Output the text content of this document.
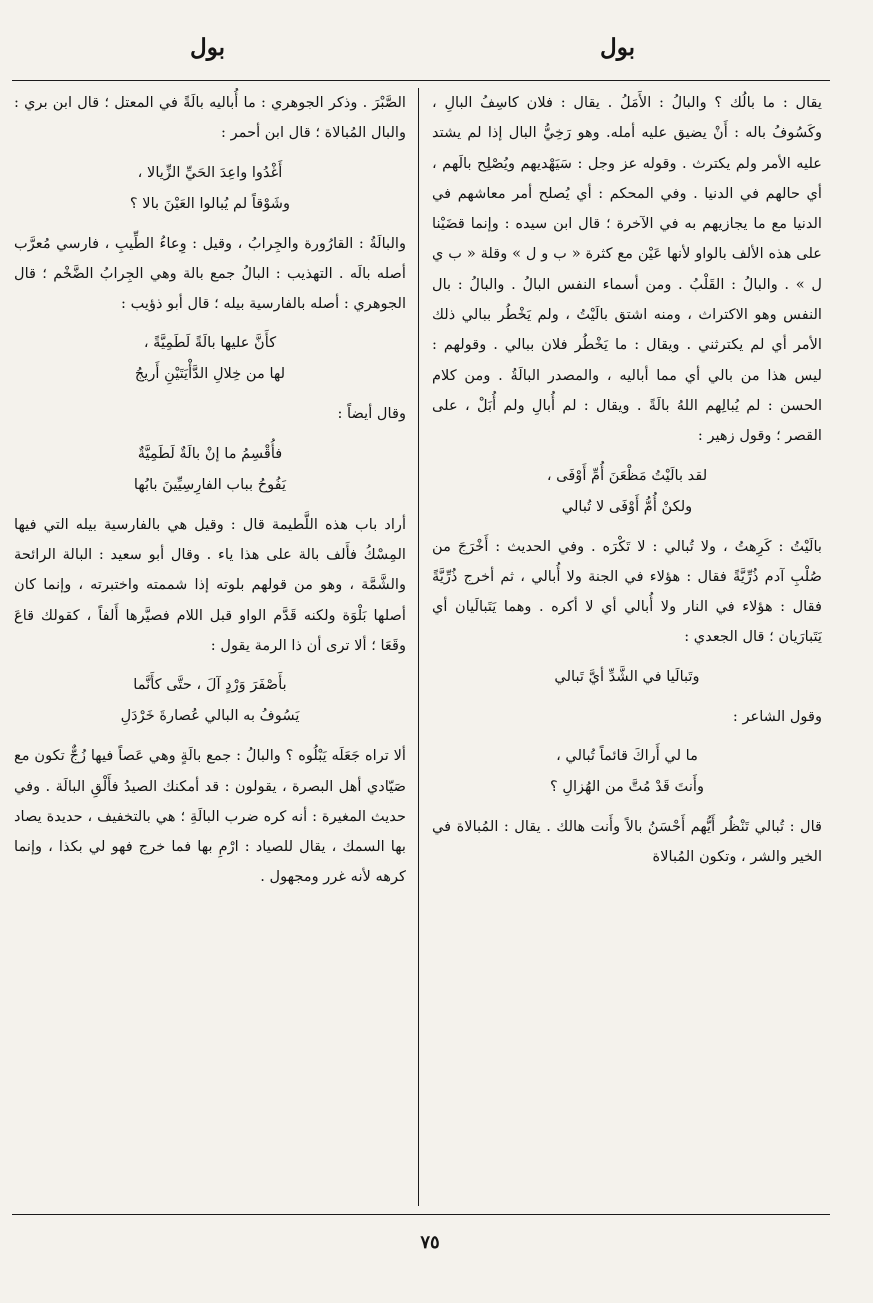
بول
بول

يقال : ما بالُك ؟ والبالُ : الأَمَلُ . يقال : فلان كاسِفُ البالِ ، وكَسُوفُ باله : أَنْ يضيق عليه أمله. وهو رَخِيُّ البال إذا لم يشتد عليه الأمر ولم يكترث . وقوله عز وجل : سَيَهْديهم ويُصْلِح بالَهم ، أي حالهم في الدنيا . وفي المحكم : أي يُصلح أمر معاشهم في الدنيا مع ما يجازيهم به في الآخرة ؛ قال ابن سيده : وإنما قضَيْنا على هذه الألف بالواو لأنها عَيْن مع كثرة « ب و ل » وقلة « ب ي ل » . والبالُ : القَلْبُ . ومن أسماء النفس البالُ . والبالُ : بال النفس وهو الاكتراث ، ومنه اشتق بالَيْتُ ، ولم يَخْطُر ببالي ذلك الأمر أي لم يكترثني . ويقال : ما يَخْطُر فلان ببالي . وقولهم : ليس هذا من بالي أي مما أباليه ، والمصدر البالَةُ . ومن كلام الحسن : لم يُبالِهم اللهُ بالَةً . ويقال : لم أُبالِ ولم أُبَلْ ، على القصر ؛ وقول زهير :

لقد بالَيْتُ مَظْعَنَ أُمِّ أَوْفَى ،
ولكنْ أُمُّ أَوْفَى لا تُبالي

بالَيْتُ : كَرِهتُ ، ولا تُبالي : لا تَكْرَه . وفي الحديث : أَخْرَجَ من صُلْبِ آدم ذُرِّيَّةً فقال : هؤلاء في الجنة ولا أُبالي ، ثم أخرج ذُرِّيَّةً فقال : هؤلاء في النار ولا أُبالي أي لا أكره . وهما يَتَبالَيان أي يَتَبارَيان ؛ قال الجعدي :

وتَبالَيا في الشَّدِّ أيَّ تَبالي

وقول الشاعر :

ما لي أَراكَ قائماً تُبالي ،
وأَنتَ قَدْ مُتَّ من الهُزالِ ؟

قال : تُبالي تَنْظُر أَيُّهم أَحْسَنُ بالاً وأَنت هالك . يقال : المُبالاة في الخير والشر ، وتكون المُبالاة

الصَّبْرَ . وذكر الجوهري : ما أُباليه بالَةً في المعتل ؛ قال ابن بري : والبال المُبالاة ؛ قال ابن أحمر :

أَغْدُوا واعِدَ الحَيِّ الزِّيالا ،
وشَوْقاً لم يُبالوا العَيْنَ بالا ؟

والبالَةُ : القارُورة والجِرابُ ، وقيل : وِعاءُ الطِّيبِ ، فارسي مُعرَّب أصله بالَه . التهذيب : البالُ جمع بالة وهي الجِرابُ الضَّخْم ؛ قال الجوهري : أصله بالفارسية بيله ؛ قال أبو ذؤيب :

كأَنَّ عليها بالَةً لَطَمِيَّةً ،
لها من خِلالِ الدَّأْيَتَيْنِ أَريجُ

وقال أيضاً :

فأُقْسِمُ ما إنْ بالَةٌ لَطَمِيَّةٌ
يَفُوحُ بباب الفارِسِيِّينَ بابُها

أراد باب هذه اللَّطيمة قال : وقيل هي بالفارسية بيله التي فيها المِسْكُ فأَلف بالة على هذا ياء . وقال أبو سعيد : البالة الرائحة والشَّمَّة ، وهو من قولهم بلوته إذا شممته واختبرته ، وإنما كان أصلها بَلْوَة ولكنه قَدَّم الواو قبل اللام فصيَّرها أَلفاً ، كقولك قاعَ وقَعَا ؛ ألا ترى أن ذا الرمة يقول :

بأَصْفَرَ وَرْدٍ آلَ ، حتَّى كأَنَّما
يَسُوفُ به البالي عُصارةَ خَرْدَلِ

ألا تراه جَعَلَه يَبْلُوه ؟ والبالُ : جمع بالَةٍ وهي عَصاً فيها زُجٌّ تكون مع صَيّادي أهل البصرة ، يقولون : قد أمكنك الصيدُ فأَلْقِ البالَة . وفي حديث المغيرة : أنه كره ضرب البالَةِ ؛ هي بالتخفيف ، حديدة يصاد بها السمك ، يقال للصياد : ارْمِ بها فما خرج فهو لي بكذا ، وإنما كرهه لأنه غرر ومجهول .

٧٥
